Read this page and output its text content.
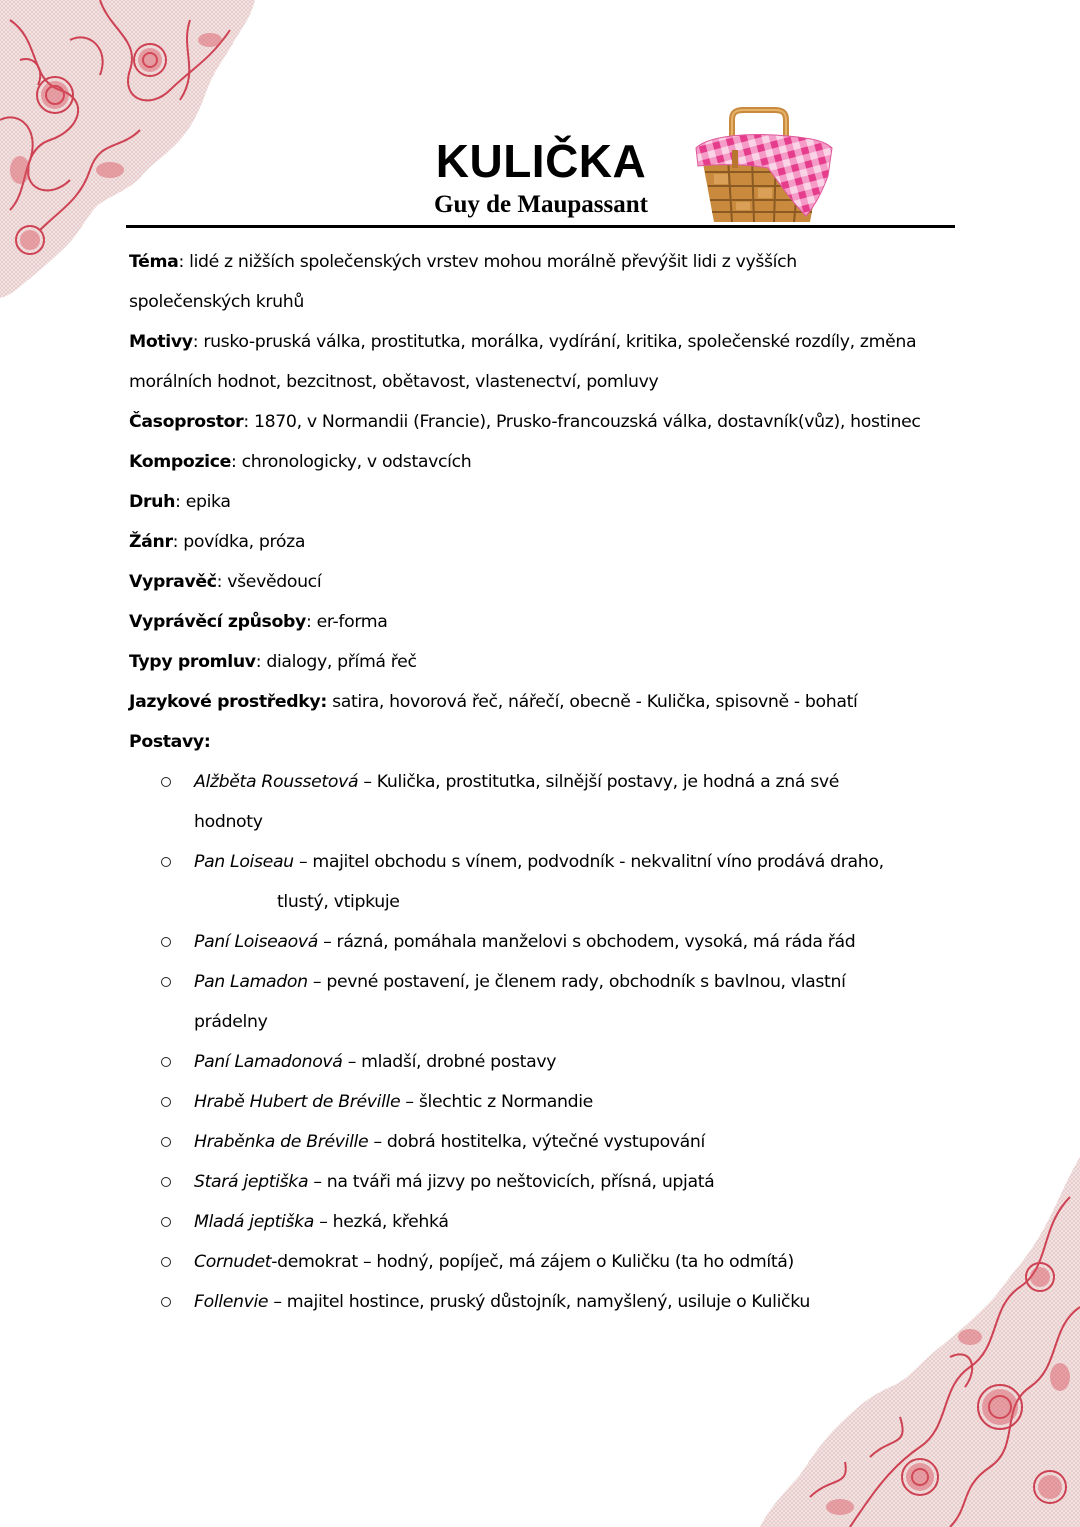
KULIČKA
Guy de Maupassant
Téma: lidé z nižších společenských vrstev mohou morálně převýšit lidi z vyšších
společenských kruhů
Motivy: rusko-pruská válka, prostitutka, morálka, vydírání, kritika, společenské rozdíly, změna
morálních hodnot, bezcitnost, obětavost, vlastenectví, pomluvy
Časoprostor: 1870, v Normandii (Francie), Prusko-francouzská válka, dostavník(vůz), hostinec
Kompozice: chronologicky, v odstavcích
Druh: epika
Žánr: povídka, próza
Vypravěč: vševědoucí
Vyprávěcí způsoby: er-forma
Typy promluv: dialogy, přímá řeč
Jazykové prostředky: satira, hovorová řeč, nářečí, obecně - Kulička, spisovně - bohatí
Postavy:
Alžběta Roussetová – Kulička, prostitutka, silnější postavy, je hodná a zná své
hodnoty
Pan Loiseau – majitel obchodu s vínem, podvodník - nekvalitní víno prodává draho,
tlustý, vtipkuje
Paní Loiseaová – rázná, pomáhala manželovi s obchodem, vysoká, má ráda řád
Pan Lamadon – pevné postavení, je členem rady, obchodník s bavlnou, vlastní
prádelny
Paní Lamadonová – mladší, drobné postavy
Hrabě Hubert de Bréville – šlechtic z Normandie
Hraběnka de Bréville – dobrá hostitelka, výtečné vystupování
Stará jeptiška – na tváři má jizvy po neštovicích, přísná, upjatá
Mladá jeptiška – hezká, křehká
Cornudet-demokrat – hodný, popíječ, má zájem o Kuličku (ta ho odmítá)
Follenvie – majitel hostince, pruský důstojník, namyšlený, usiluje o Kuličku
